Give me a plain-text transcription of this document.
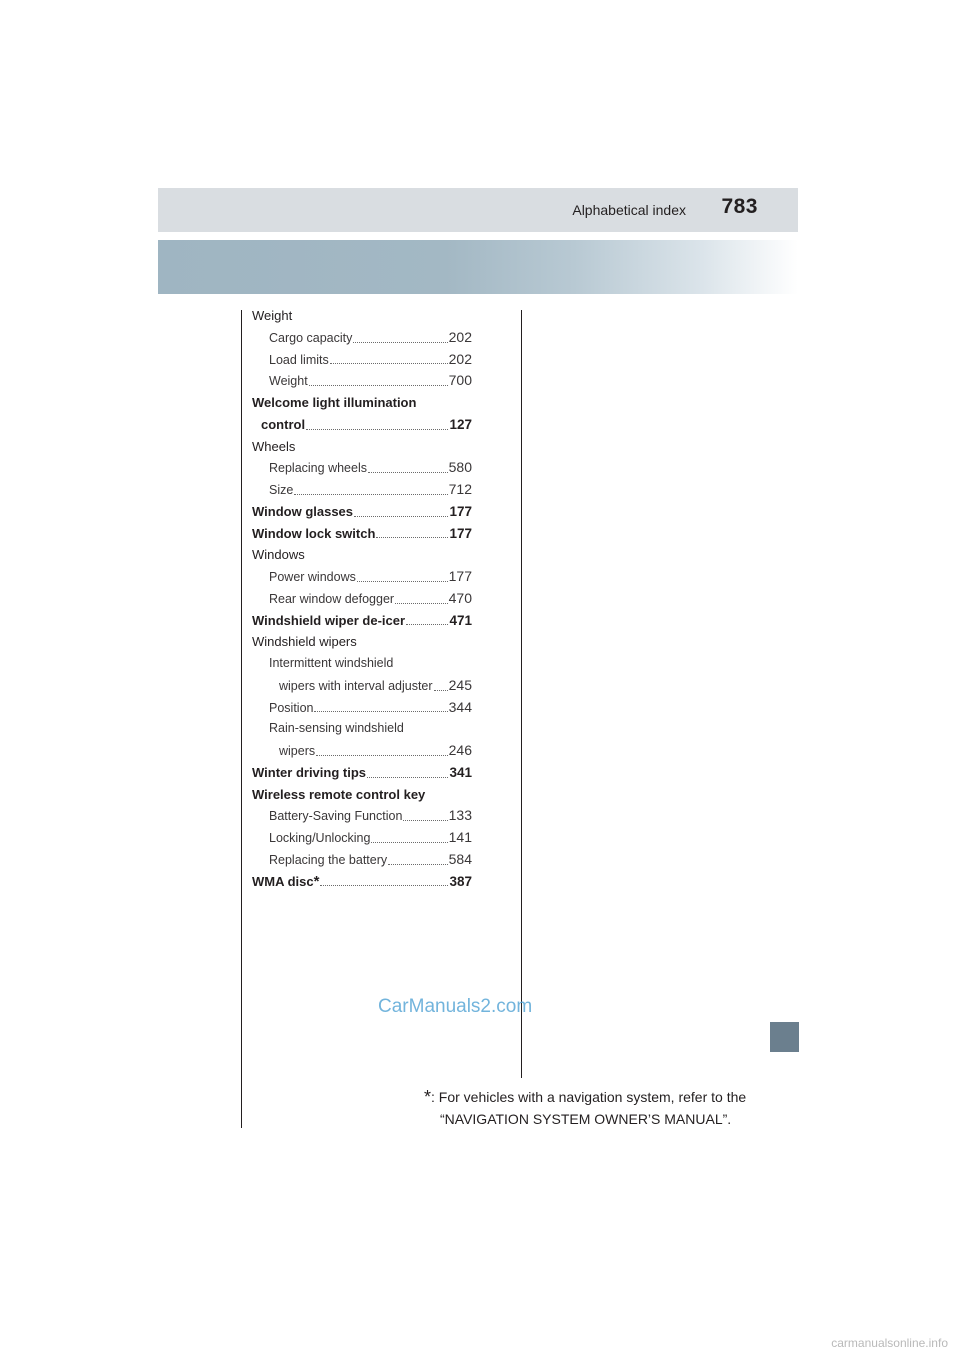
Alphabetical index 783
Weight
Cargo capacity	202
Load limits	202
Weight	700
Welcome light illumination
control	127
Wheels
Replacing wheels	580
Size	712
Window glasses	177
Window lock switch	177
Windows
Power windows	177
Rear window defogger	470
Windshield wiper de-icer	471
Windshield wipers
Intermittent windshield
wipers with interval adjuster 245
Position	344
Rain-sensing windshield
wipers	246
Winter driving tips	341
Wireless remote control key
Battery-Saving Function	133
Locking/Unlocking	141
Replacing the battery	584
WMA disc *	387
CarManuals2.com
*: For vehicles with a navigation system, refer to the
“NAVIGATION SYSTEM OWNER’S MANUAL”.
carmanualsonline.info
